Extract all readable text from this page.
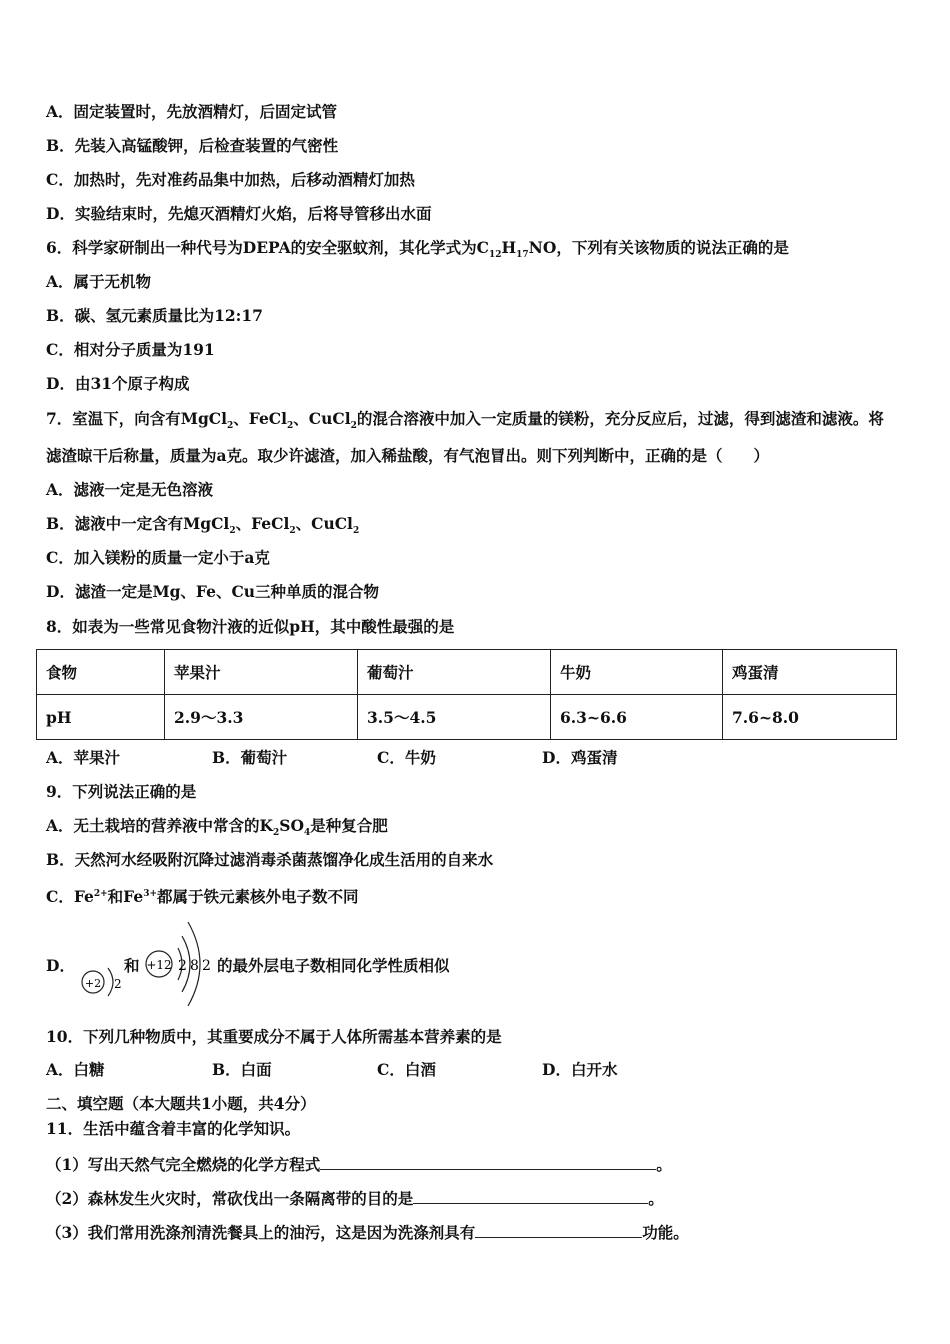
A．固定装置时，先放酒精灯，后固定试管
B．先装入高锰酸钾，后检查装置的气密性
C．加热时，先对准药品集中加热，后移动酒精灯加热
D．实验结束时，先熄灭酒精灯火焰，后将导管移出水面
6．科学家研制出一种代号为DEPA的安全驱蚊剂，其化学式为$C_{12}H_{17}NO$，下列有关该物质的说法正确的是
A．属于无机物
B．碳、氢元素质量比为12:17
C．相对分子质量为191
D．由31个原子构成
7．室温下，向含有MgCl$_2$、FeCl$_2$、CuCl$_2$的混合溶液中加入一定质量的镁粉，充分反应后，过滤，得到滤渣和滤液。将
滤渣晾干后称量，质量为a克。取少许滤渣，加入稀盐酸，有气泡冒出。则下列判断中，正确的是（　　）
A．滤液一定是无色溶液
B．滤液中一定含有MgCl$_2$、FeCl$_2$、CuCl$_2$
C．加入镁粉的质量一定小于a克
D．滤渣一定是Mg、Fe、Cu三种单质的混合物
8．如表为一些常见食物汁液的近似pH，其中酸性最强的是
食物	苹果汁	葡萄汁	牛奶	鸡蛋清
pH	2.9～3.3	3.5～4.5	6.3~6.6	7.6~8.0
A．苹果汁	B．葡萄汁	C．牛奶	D．鸡蛋清
9．下列说法正确的是
A．无土栽培的营养液中常含的$K_2SO_4$是种复合肥
B．天然河水经吸附沉降过滤消毒杀菌蒸馏净化成生活用的自来水
C．$Fe^{2+}$和$Fe^{3+}$都属于铁元素核外电子数不同
D．
+2 2
和 +12 2 8 2 的最外层电子数相同化学性质相似
10．下列几种物质中，其重要成分不属于人体所需基本营养素的是
A．白糖	B．白面	C．白酒	D．白开水
二、填空题（本大题共1小题，共4分）
11．生活中蕴含着丰富的化学知识。
（1）写出天然气完全燃烧的化学方程式	。
（2）森林发生火灾时，常砍伐出一条隔离带的目的是	。
（3）我们常用洗涤剂清洗餐具上的油污，这是因为洗涤剂具有	功能。
